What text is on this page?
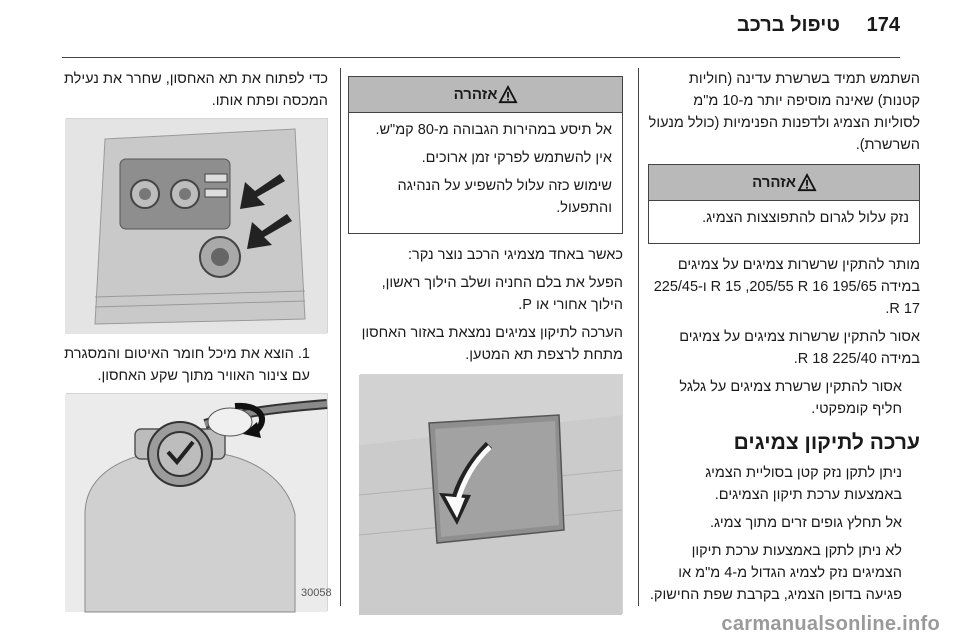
174
טיפול ברכב

השתמש תמיד בשרשרת עדינה (חוליות קטנות) שאינה מוסיפה יותר מ-10 מ"מ לסוליות הצמיג ולדפנות הפנימיות (כולל מנעול השרשרת).

אזהרה

נזק עלול לגרום להתפוצצות הצמיג.

מותר להתקין שרשרות צמיגים על צמיגים במידה 195/65 R 15 ,205/55 R 16 ו-225/45 R 17.

אסור להתקין שרשרות צמיגים על צמיגים במידה 225/40 R 18.

אסור להתקין שרשרת צמיגים על גלגל חליף קומפקטי.

ערכה לתיקון צמיגים

ניתן לתקן נזק קטן בסוליית הצמיג באמצעות ערכת תיקון הצמיגים.

אל תחלץ גופים זרים מתוך צמיג.

לא ניתן לתקן באמצעות ערכת תיקון הצמיגים נזק לצמיג הגדול מ-4 מ"מ או פגיעה בדופן הצמיג, בקרבת שפת החישוק.

אזהרה

אל תיסע במהירות הגבוהה מ-80 קמ"ש.

אין להשתמש לפרקי זמן ארוכים.

שימוש כזה עלול להשפיע על הנהיגה והתפעול.

כאשר באחד מצמיגי הרכב נוצר נקר:

הפעל את בלם החניה ושלב הילוך ראשון, הילוך אחורי או P.

הערכה לתיקון צמיגים נמצאת באזור האחסון מתחת לרצפת תא המטען.

כדי לפתוח את תא האחסון, שחרר את נעילת המכסה ופתח אותו.

1. הוצא את מיכל חומר האיטום והמסגרת עם צינור האוויר מתוך שקע האחסון.

30058
carmanualsonline.info
